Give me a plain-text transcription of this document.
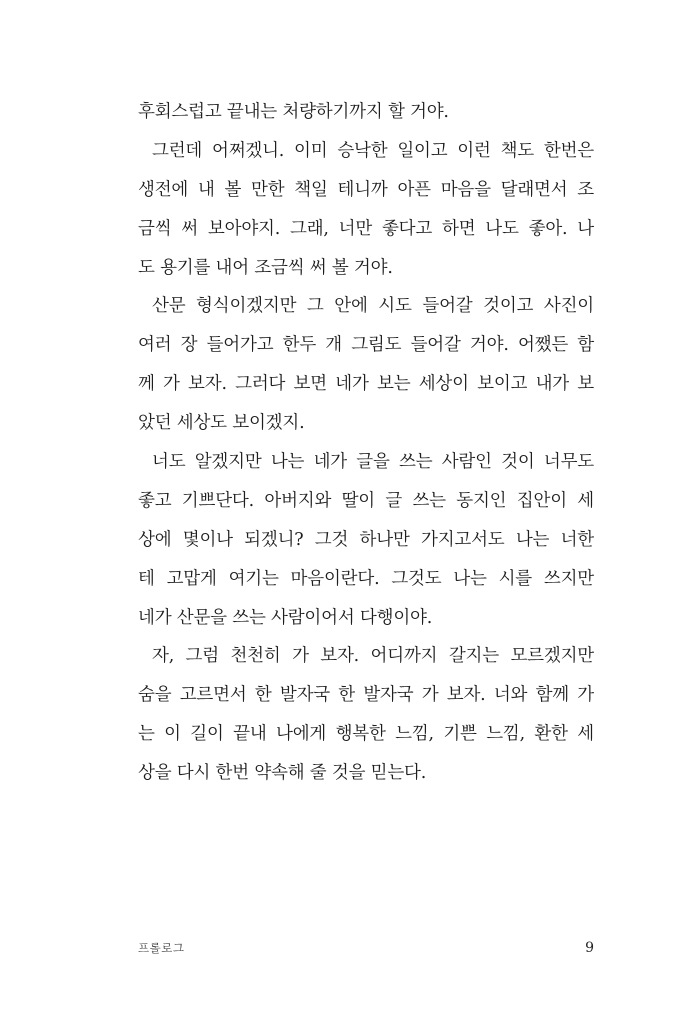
후회스럽고 끝내는 처량하기까지 할 거야.
그런데 어쩌겠니. 이미 승낙한 일이고 이런 책도 한번은
생전에 내 볼 만한 책일 테니까 아픈 마음을 달래면서 조
금씩 써 보아야지. 그래, 너만 좋다고 하면 나도 좋아. 나
도 용기를 내어 조금씩 써 볼 거야.
산문 형식이겠지만 그 안에 시도 들어갈 것이고 사진이
여러 장 들어가고 한두 개 그림도 들어갈 거야. 어쨌든 함
께 가 보자. 그러다 보면 네가 보는 세상이 보이고 내가 보
았던 세상도 보이겠지.
너도 알겠지만 나는 네가 글을 쓰는 사람인 것이 너무도
좋고 기쁘단다. 아버지와 딸이 글 쓰는 동지인 집안이 세
상에 몇이나 되겠니? 그것 하나만 가지고서도 나는 너한
테 고맙게 여기는 마음이란다. 그것도 나는 시를 쓰지만
네가 산문을 쓰는 사람이어서 다행이야.
자, 그럼 천천히 가 보자. 어디까지 갈지는 모르겠지만
숨을 고르면서 한 발자국 한 발자국 가 보자. 너와 함께 가
는 이 길이 끝내 나에게 행복한 느낌, 기쁜 느낌, 환한 세
상을 다시 한번 약속해 줄 것을 믿는다.
프롤로그	9
